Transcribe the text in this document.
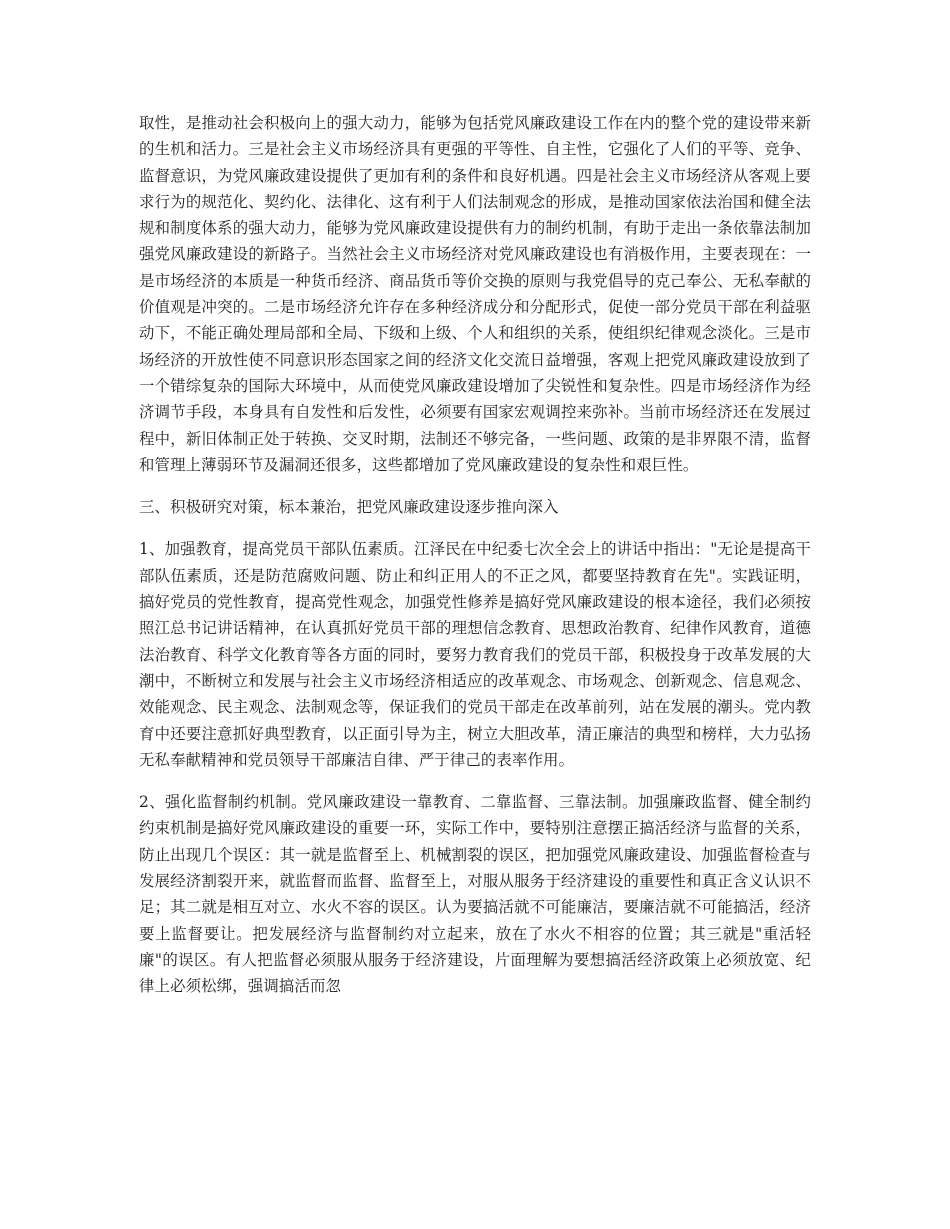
取性，是推动社会积极向上的强大动力，能够为包括党风廉政建设工作在内的整个党的建设带来新的生机和活力。三是社会主义市场经济具有更强的平等性、自主性，它强化了人们的平等、竞争、监督意识，为党风廉政建设提供了更加有利的条件和良好机遇。四是社会主义市场经济从客观上要求行为的规范化、契约化、法律化、这有利于人们法制观念的形成，是推动国家依法治国和健全法规和制度体系的强大动力，能够为党风廉政建设提供有力的制约机制，有助于走出一条依靠法制加强党风廉政建设的新路子。当然社会主义市场经济对党风廉政建设也有消极作用，主要表现在：一是市场经济的本质是一种货币经济、商品货币等价交换的原则与我党倡导的克己奉公、无私奉献的价值观是冲突的。二是市场经济允许存在多种经济成分和分配形式，促使一部分党员干部在利益驱动下，不能正确处理局部和全局、下级和上级、个人和组织的关系，使组织纪律观念淡化。三是市场经济的开放性使不同意识形态国家之间的经济文化交流日益增强，客观上把党风廉政建设放到了一个错综复杂的国际大环境中，从而使党风廉政建设增加了尖锐性和复杂性。四是市场经济作为经济调节手段，本身具有自发性和后发性，必须要有国家宏观调控来弥补。当前市场经济还在发展过程中，新旧体制正处于转换、交叉时期，法制还不够完备，一些问题、政策的是非界限不清，监督和管理上薄弱环节及漏洞还很多，这些都增加了党风廉政建设的复杂性和艰巨性。

三、积极研究对策，标本兼治，把党风廉政建设逐步推向深入

1、加强教育，提高党员干部队伍素质。江泽民在中纪委七次全会上的讲话中指出："无论是提高干部队伍素质，还是防范腐败问题、防止和纠正用人的不正之风，都要坚持教育在先"。实践证明，搞好党员的党性教育，提高党性观念，加强党性修养是搞好党风廉政建设的根本途径，我们必须按照江总书记讲话精神，在认真抓好党员干部的理想信念教育、思想政治教育、纪律作风教育，道德法治教育、科学文化教育等各方面的同时，要努力教育我们的党员干部，积极投身于改革发展的大潮中，不断树立和发展与社会主义市场经济相适应的改革观念、市场观念、创新观念、信息观念、效能观念、民主观念、法制观念等，保证我们的党员干部走在改革前列，站在发展的潮头。党内教育中还要注意抓好典型教育，以正面引导为主，树立大胆改革，清正廉洁的典型和榜样，大力弘扬无私奉献精神和党员领导干部廉洁自律、严于律己的表率作用。

2、强化监督制约机制。党风廉政建设一靠教育、二靠监督、三靠法制。加强廉政监督、健全制约约束机制是搞好党风廉政建设的重要一环，实际工作中，要特别注意摆正搞活经济与监督的关系，防止出现几个误区：其一就是监督至上、机械割裂的误区，把加强党风廉政建设、加强监督检查与发展经济割裂开来，就监督而监督、监督至上，对服从服务于经济建设的重要性和真正含义认识不足；其二就是相互对立、水火不容的误区。认为要搞活就不可能廉洁，要廉洁就不可能搞活，经济要上监督要让。把发展经济与监督制约对立起来，放在了水火不相容的位置；其三就是"重活轻廉"的误区。有人把监督必须服从服务于经济建设，片面理解为要想搞活经济政策上必须放宽、纪律上必须松绑，强调搞活而忽
